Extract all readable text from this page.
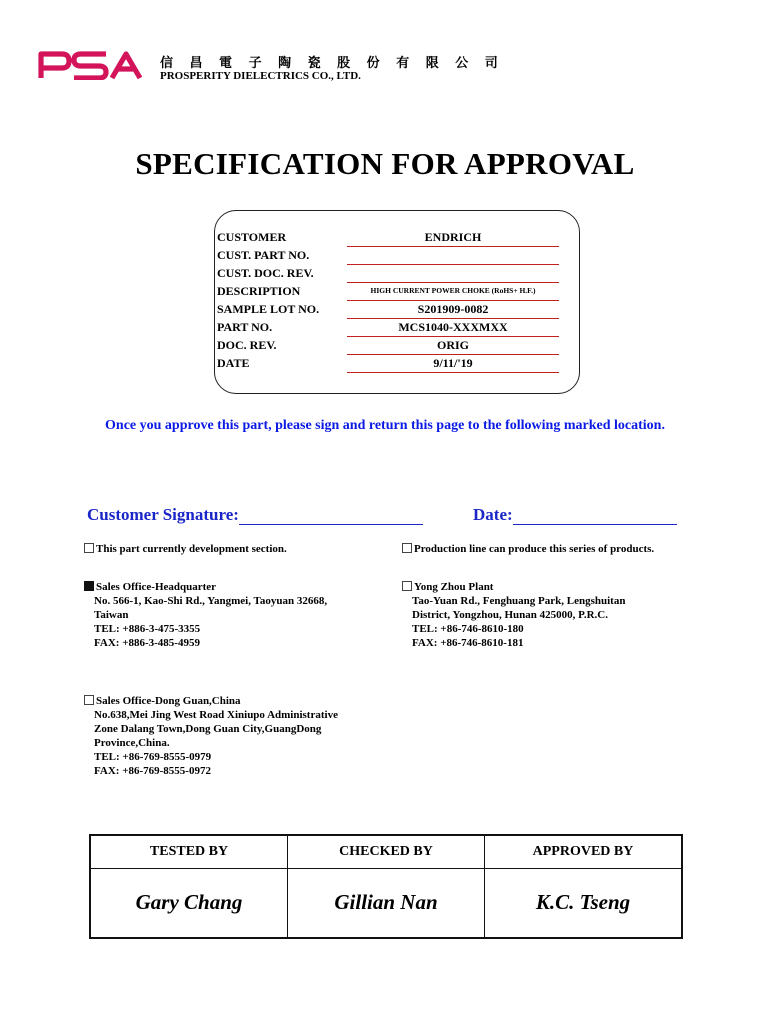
信 昌 電 子 陶 瓷 股 份 有 限 公 司
PROSPERITY DIELECTRICS CO., LTD.
SPECIFICATION FOR APPROVAL
CUSTOMER	ENDRICH
CUST. PART NO.
CUST. DOC. REV.
DESCRIPTION	HIGH CURRENT POWER CHOKE (RoHS+ H.F.)
SAMPLE LOT NO.	S201909-0082
PART NO.	MCS1040-XXXMXX
DOC. REV.	ORIG
DATE	9/11/'19
Once you approve this part, please sign and return this page to the following marked location.
Customer Signature:	Date:
This part currently development section.	Production line can produce this series of products.
Sales Office-Headquarter
No. 566-1, Kao-Shi Rd., Yangmei, Taoyuan 32668,
Taiwan
TEL: +886-3-475-3355
FAX: +886-3-485-4959
Yong Zhou Plant
Tao-Yuan Rd., Fenghuang Park, Lengshuitan
District, Yongzhou, Hunan 425000, P.R.C.
TEL: +86-746-8610-180
FAX: +86-746-8610-181
Sales Office-Dong Guan,China
No.638,Mei Jing West Road Xiniupo Administrative
Zone Dalang Town,Dong Guan City,GuangDong
Province,China.
TEL: +86-769-8555-0979
FAX: +86-769-8555-0972
TESTED BY	CHECKED BY	APPROVED BY
Gary Chang	Gillian Nan	K.C. Tseng
